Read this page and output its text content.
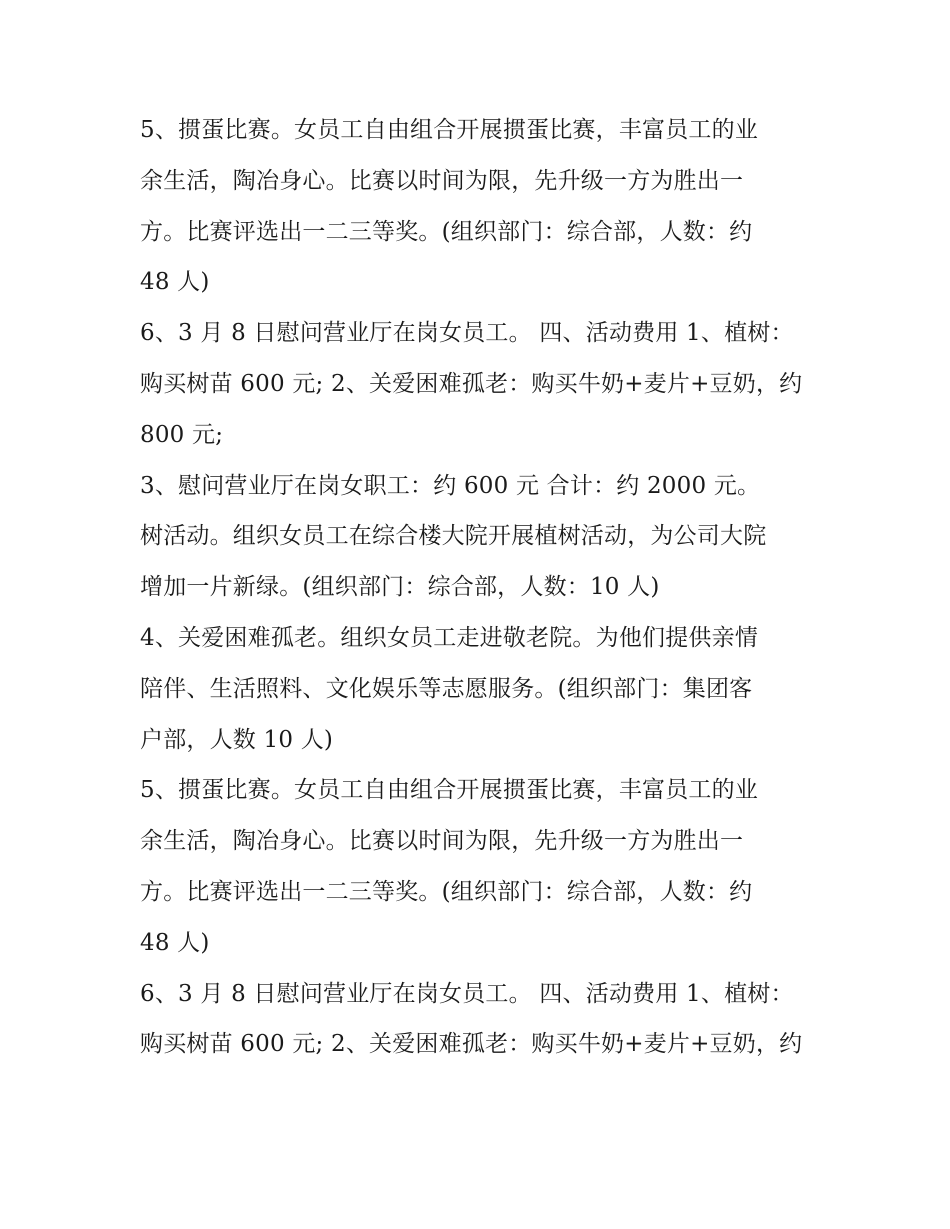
5、掼蛋比赛。女员工自由组合开展掼蛋比赛，丰富员工的业
余生活，陶冶身心。比赛以时间为限，先升级一方为胜出一
方。比赛评选出一二三等奖。(组织部门：综合部，人数：约
48 人)
6、3 月 8 日慰问营业厅在岗女员工。 四、活动费用 1、植树：
购买树苗 600 元; 2、关爱困难孤老：购买牛奶+麦片+豆奶，约
800 元;
3、慰问营业厅在岗女职工：约 600 元 合计：约 2000 元。
树活动。组织女员工在综合楼大院开展植树活动，为公司大院
增加一片新绿。(组织部门：综合部，人数：10 人)
4、关爱困难孤老。组织女员工走进敬老院。为他们提供亲情
陪伴、生活照料、文化娱乐等志愿服务。(组织部门：集团客
户部，人数 10 人)
5、掼蛋比赛。女员工自由组合开展掼蛋比赛，丰富员工的业
余生活，陶冶身心。比赛以时间为限，先升级一方为胜出一
方。比赛评选出一二三等奖。(组织部门：综合部，人数：约
48 人)
6、3 月 8 日慰问营业厅在岗女员工。 四、活动费用 1、植树：
购买树苗 600 元; 2、关爱困难孤老：购买牛奶+麦片+豆奶，约
